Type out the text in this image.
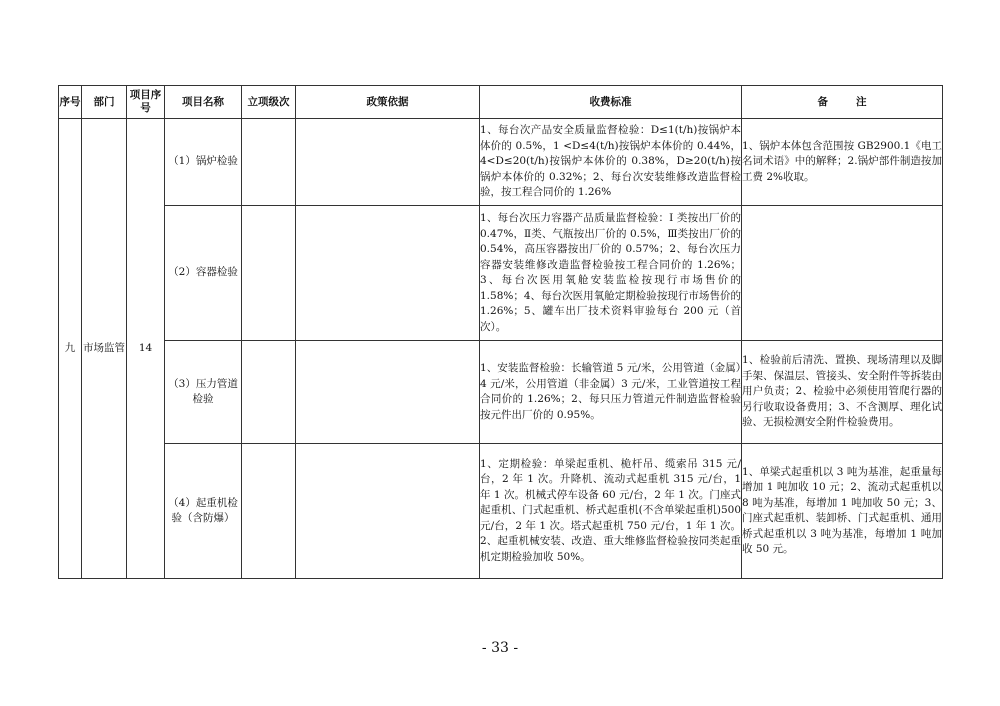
序号	部门	项目序号	项目名称	立项级次	政策依据	收费标准	备 注
九	市场监管	14	（1）锅炉检验			1、每台次产品安全质量监督检验：D≤1(t/h)按锅炉本体价的 0.5%，1 <D≤4(t/h)按锅炉本体价的 0.44%，4<D≤20(t/h)按锅炉本体价的 0.38%，D≥20(t/h)按锅炉本体价的 0.32%；2、每台次安装维修改造监督检验，按工程合同价的 1.26%	1、锅炉本体包含范围按 GB2900.1《电工名词术语》中的解释；2.锅炉部件制造按加工费 2%收取。
			（2）容器检验			1、每台次压力容器产品质量监督检验：I 类按出厂价的 0.47%，Ⅱ类、气瓶按出厂价的 0.5%，Ⅲ类按出厂价的 0.54%，高压容器按出厂价的 0.57%；2、每台次压力容器安装维修改造监督检验按工程合同价的 1.26%；3、每台次医用氧舱安装监检按现行市场售价的 1.58%；4、每台次医用氧舱定期检验按现行市场售价的 1.26%；5、罐车出厂技术资料审验每台 200 元（首次）。	
			（3）压力管道检验			1、安装监督检验：长输管道 5 元/米，公用管道（金属）4 元/米，公用管道（非金属）3 元/米，工业管道按工程合同价的 1.26%；2、每只压力管道元件制造监督检验按元件出厂价的 0.95%。	1、检验前后清洗、置换、现场清理以及脚手架、保温层、管接头、安全附件等拆装由用户负责；2、检验中必须使用管爬行器的另行收取设备费用；3、不含测厚、理化试验、无损检测安全附件检验费用。
			（4）起重机检验（含防爆）			1、定期检验：单梁起重机、桅杆吊、缆索吊 315 元/台，2 年 1 次。升降机、流动式起重机 315 元/台，1 年 1 次。机械式停车设备 60 元/台，2 年 1 次。门座式起重机、门式起重机、桥式起重机(不含单梁起重机)500 元/台，2 年 1 次。塔式起重机 750 元/台，1 年 1 次。2、起重机械安装、改造、重大维修监督检验按同类起重机定期检验加收 50%。	1、单梁式起重机以 3 吨为基准，起重量每增加 1 吨加收 10 元；2、流动式起重机以 8 吨为基准，每增加 1 吨加收 50 元；3、门座式起重机、装卸桥、门式起重机、通用桥式起重机以 3 吨为基准，每增加 1 吨加收 50 元。
- 33 -
